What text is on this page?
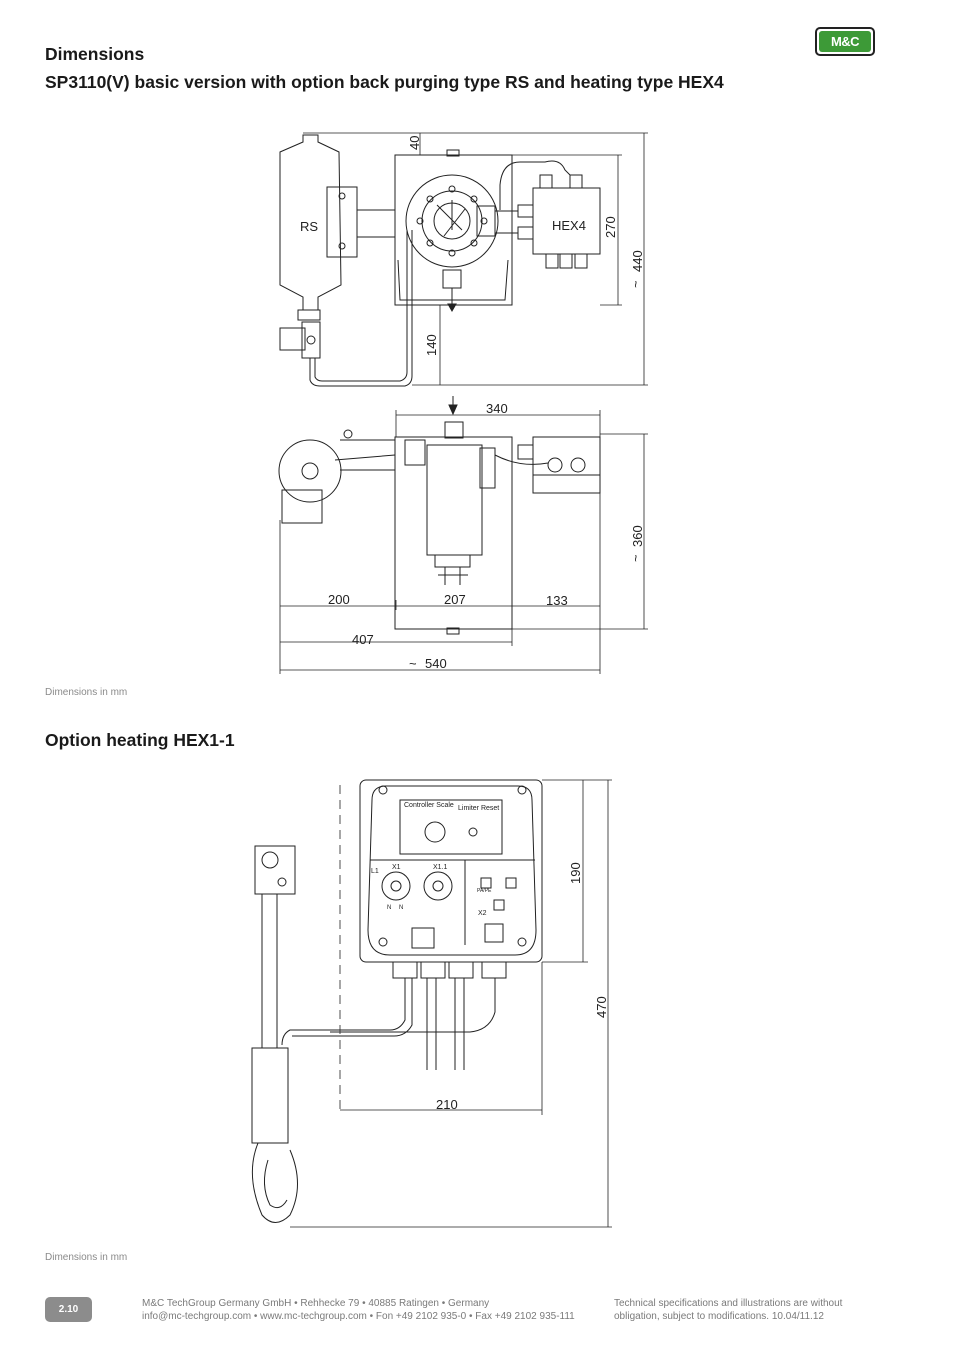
Dimensions
SP3110(V) basic version with option back purging type RS and heating type HEX4
M&C
RS	HEX4
40
270
440
140
340
360
200	207	133
407
540
~
~
~
Dimensions in mm
Option heating HEX1-1
Controller Scale Limiter Reset
X1	X1.1
X2
L1
N N
PA/PE
190
470
210
Dimensions in mm
2.10
M&C TechGroup Germany GmbH • Rehhecke 79 • 40885 Ratingen • Germany
info@mc-techgroup.com • www.mc-techgroup.com • Fon +49 2102 935-0 • Fax +49 2102 935-111
Technical specifications and illustrations are without
obligation, subject to modifications. 10.04/11.12
